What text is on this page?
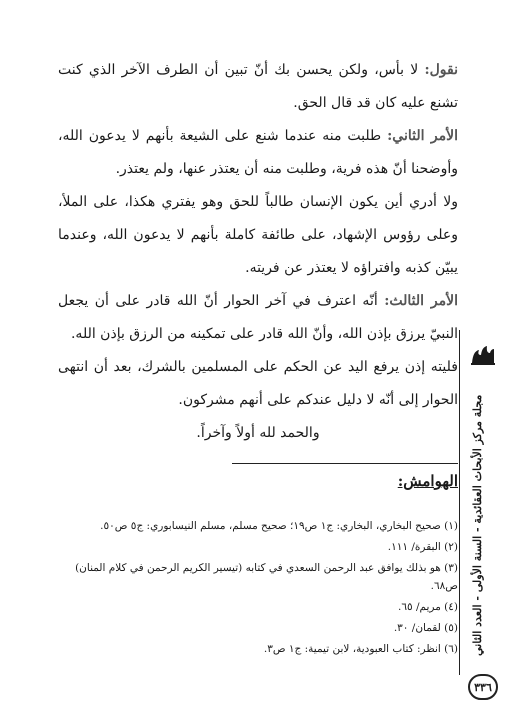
نقول: لا بأس، ولكن يحسن بك أنّ تبين أن الطرف الآخر الذي كنت تشنع عليه كان قد قال الحق.

الأمر الثاني: طلبت منه عندما شنع على الشيعة بأنهم لا يدعون الله، وأوضحنا أنّ هذه فرية، وطلبت منه أن يعتذر عنها، ولم يعتذر.

ولا أدري أين يكون الإنسان طالباً للحق وهو يفتري هكذا، على الملأ، وعلى رؤوس الإشهاد، على طائفة كاملة بأنهم لا يدعون الله، وعندما يبيّن كذبه وافتراؤه لا يعتذر عن فريته.

الأمر الثالث: أنّه اعترف في آخر الحوار أنّ الله قادر على أن يجعل النبيّ يرزق بإذن الله، وأنّ الله قادر على تمكينه من الرزق بإذن الله.

فليته إذن يرفع اليد عن الحكم على المسلمين بالشرك، بعد أن انتهى الحوار إلى أنّه لا دليل عندكم على أنهم مشركون.

والحمد لله أولاً وآخراً.

الهوامش:
(١) صحيح البخاري، البخاري: ج١ ص١٩؛ صحيح مسلم، مسلم النيسابوري: ج٥ ص٥٠.
(٢) البقرة/ ١١١.
(٣) هو بذلك يوافق عبد الرحمن السعدي في كتابه (تيسير الكريم الرحمن في كلام المنان) ص٦٨.
(٤) مريم/ ٦٥.
(٥) لقمان/ ٣٠.
(٦) انظر: كتاب العبودية، لابن تيمية: ج١ ص٣. مجلة مركز الأبحاث العقائدية - السنة الأولى - العدد الثاني
٣٣٦
